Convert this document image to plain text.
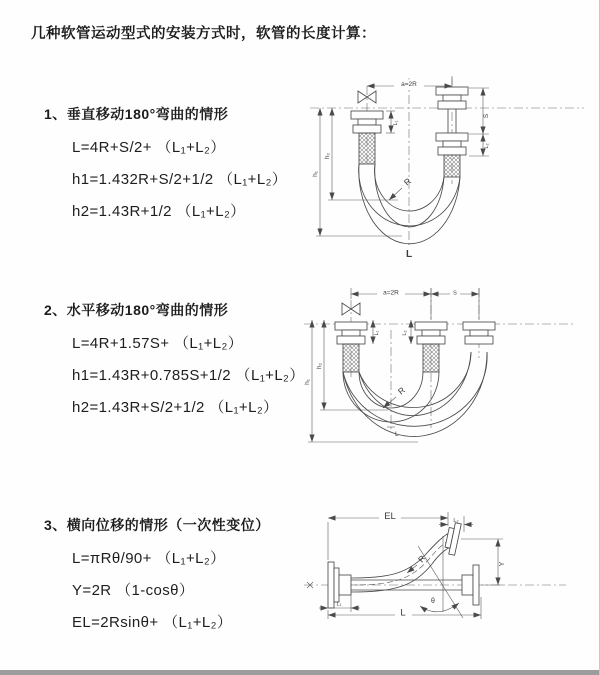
几种软管运动型式的安装方式时，软管的长度计算：
1、垂直移动180°弯曲的情形
L=4R+S/2+ （L₁+L₂）
h1=1.432R+S/2+1/2 （L₁+L₂）
h2=1.43R+1/2 （L₁+L₂）
2、水平移动180°弯曲的情形
L=4R+1.57S+ （L₁+L₂）
h1=1.43R+0.785S+1/2 （L₁+L₂）
h2=1.43R+S/2+1/2 （L₁+L₂）
3、横向位移的情形（一次性变位）
L=πRθ/90+ （L₁+L₂）
Y=2R （1-cosθ）
EL=2Rsinθ+ （L₁+L₂）
a=2R
S
L₂
h₁
h₂
L₁
R
L
a=2R	S
h₁
h₂
L₁	L₂
R
L
EL	L₂
Y
θ
R
L₁
L
